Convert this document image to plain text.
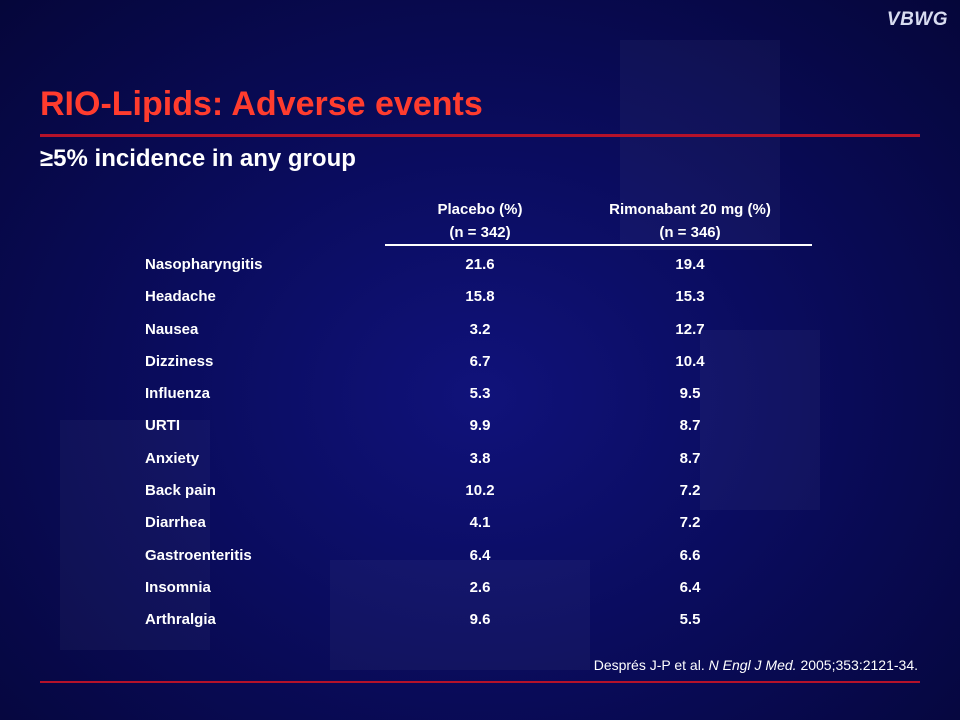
VBWG
RIO-Lipids: Adverse events
≥5% incidence in any group
Placebo (%)
(n = 342)
Rimonabant 20 mg (%)
(n = 346)
Nasopharyngitis	21.6	19.4
Headache	15.8	15.3
Nausea	3.2	12.7
Dizziness	6.7	10.4
Influenza	5.3	9.5
URTI	9.9	8.7
Anxiety	3.8	8.7
Back pain	10.2	7.2
Diarrhea	4.1	7.2
Gastroenteritis	6.4	6.6
Insomnia	2.6	6.4
Arthralgia	9.6	5.5
Després J-P et al. N Engl J Med. 2005;353:2121-34.
